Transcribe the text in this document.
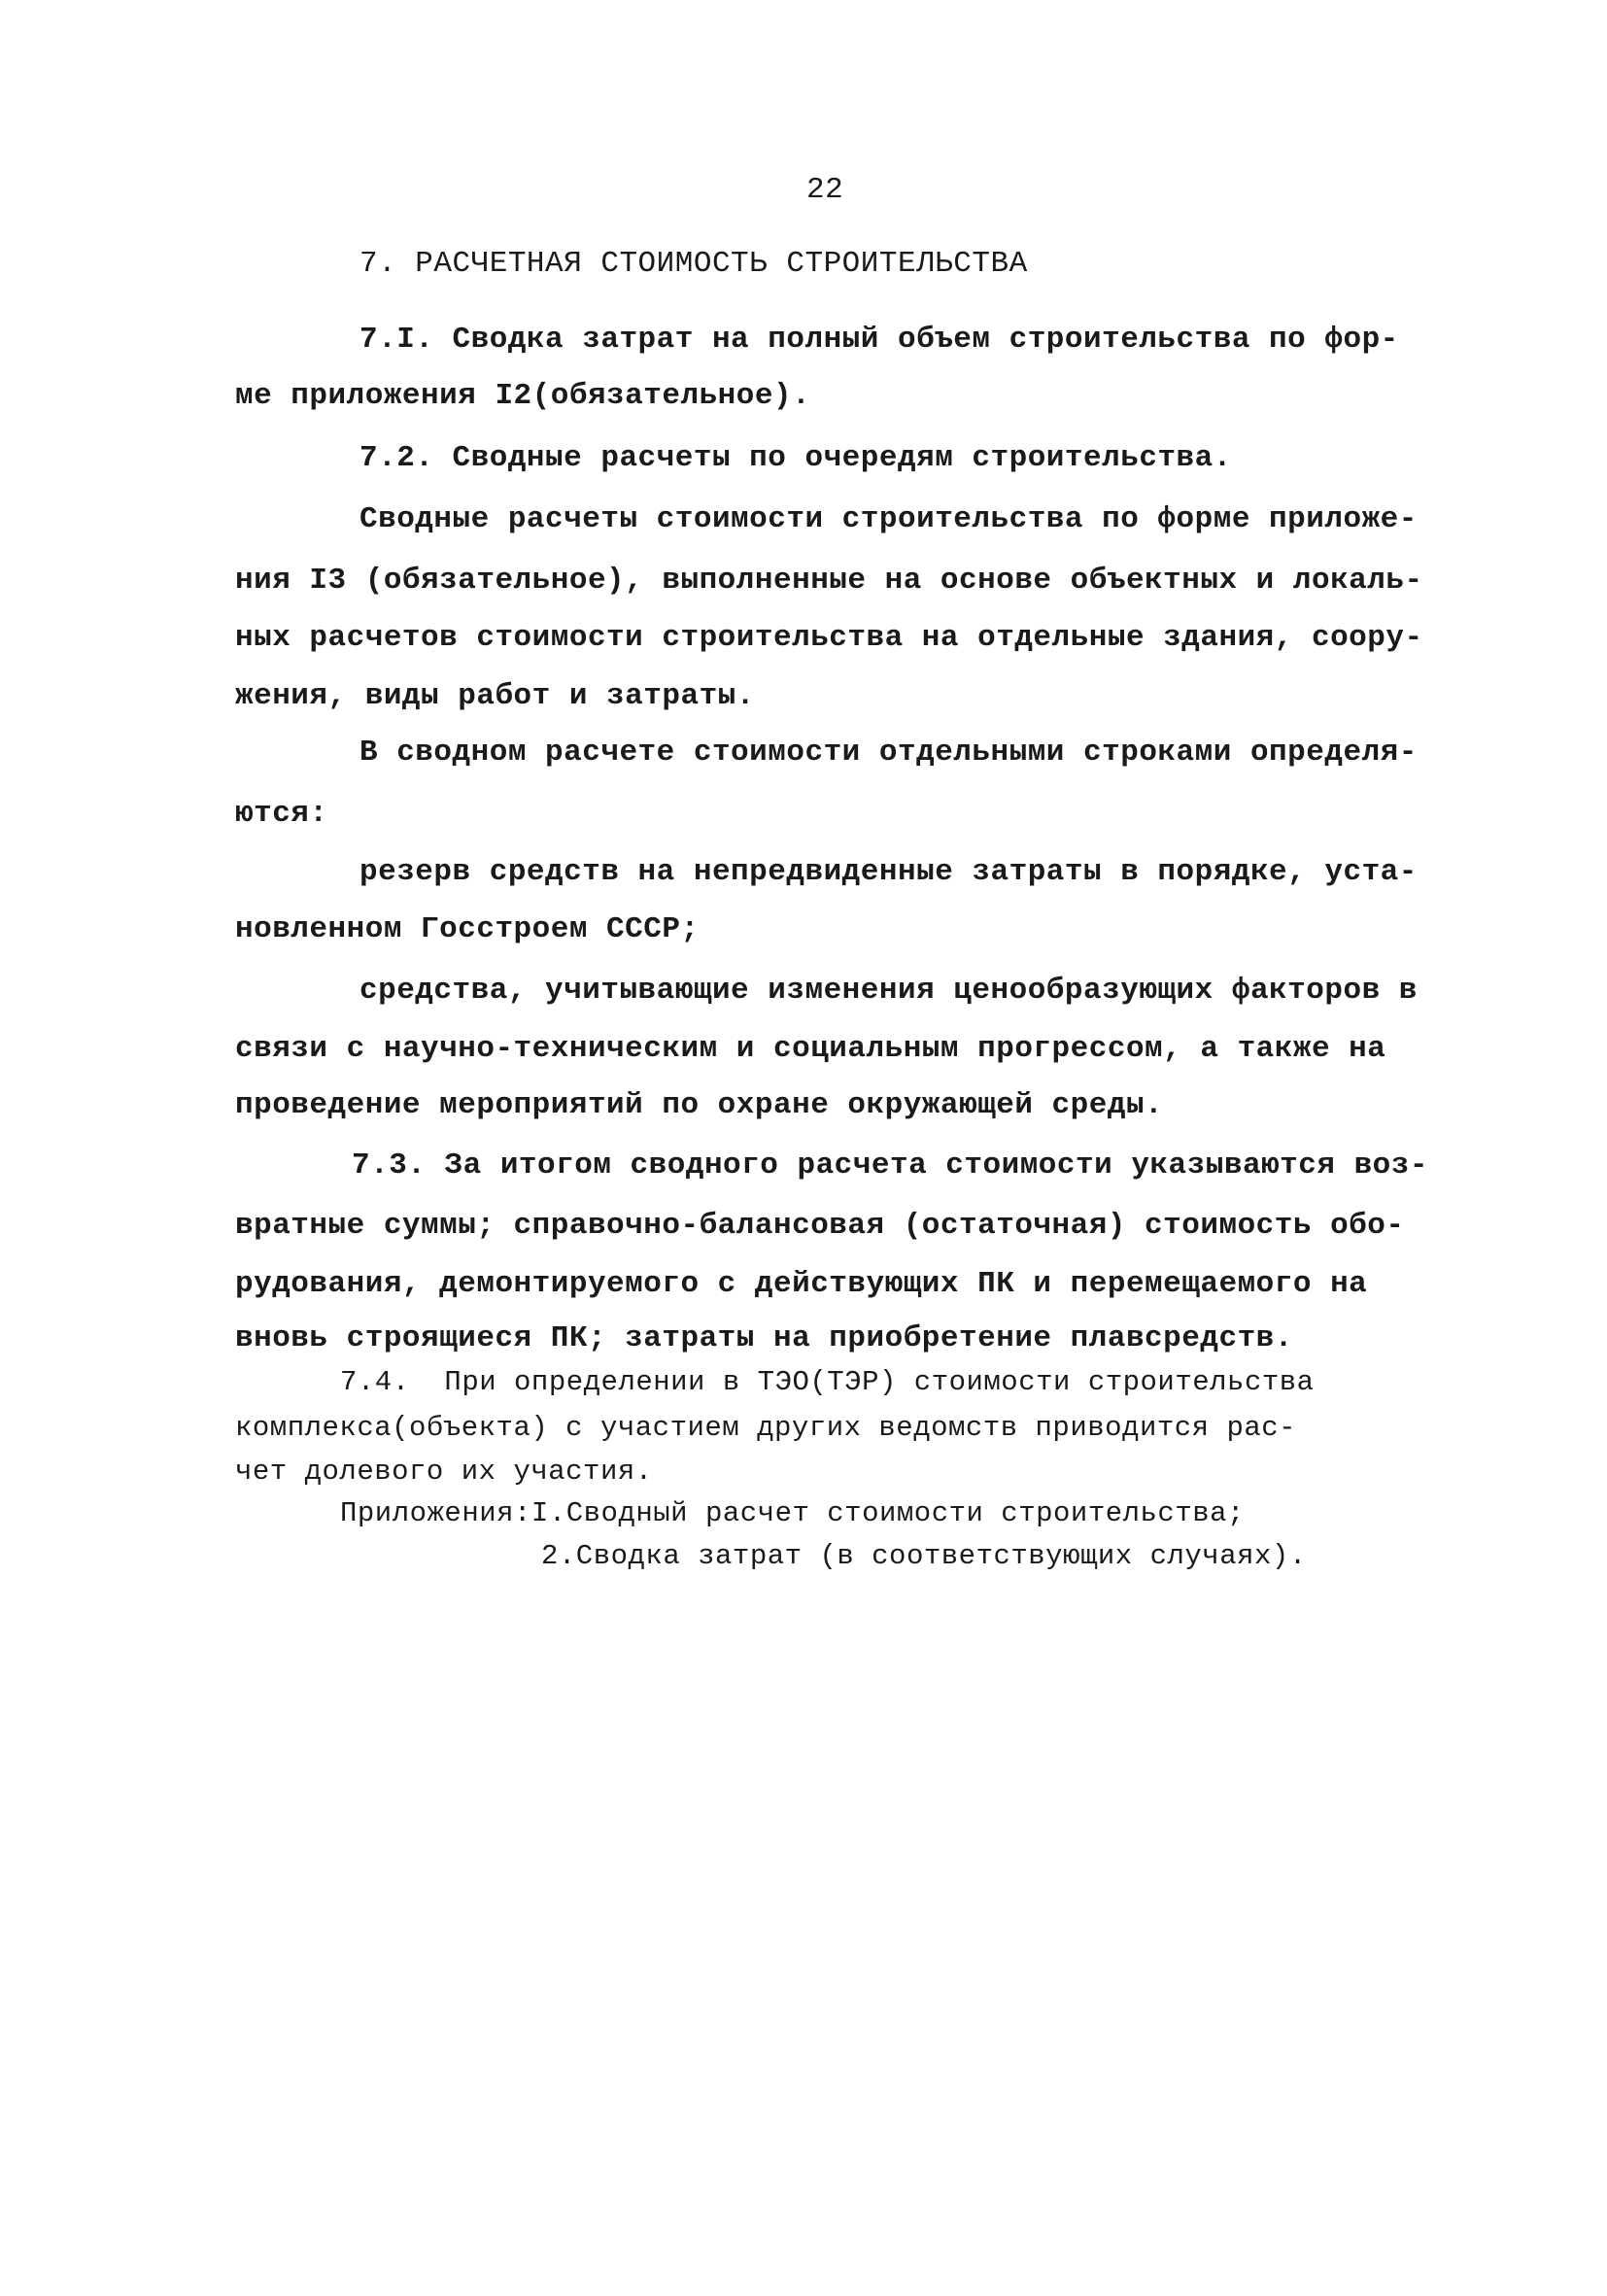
22
7. РАСЧЕТНАЯ СТОИМОСТЬ СТРОИТЕЛЬСТВА
7.I. Сводка затрат на полный объем строительства по фор-
ме приложения I2(обязательное).
7.2. Сводные расчеты по очередям строительства.
Сводные расчеты стоимости строительства по форме приложе-
ния I3 (обязательное), выполненные на основе объектных и локаль-
ных расчетов стоимости строительства на отдельные здания, соору-
жения, виды работ и затраты.
В сводном расчете стоимости отдельными строками определя-
ются:
резерв средств на непредвиденные затраты в порядке, уста-
новленном Госстроем СССР;
средства, учитывающие изменения ценообразующих факторов в
связи с научно-техническим и социальным прогрессом, а также на
проведение мероприятий по охране окружающей среды.
7.3. За итогом сводного расчета стоимости указываются воз-
вратные суммы; справочно-балансовая (остаточная) стоимость обо-
рудования, демонтируемого с действующих ПК и перемещаемого на
вновь строящиеся ПК; затраты на приобретение плавсредств.
7.4.  При определении в ТЭО(ТЭР) стоимости строительства
комплекса(объекта) с участием других ведомств приводится рас-
чет долевого их участия.
Приложения:I.Сводный расчет стоимости строительства;
2.Сводка затрат (в соответствующих случаях).
